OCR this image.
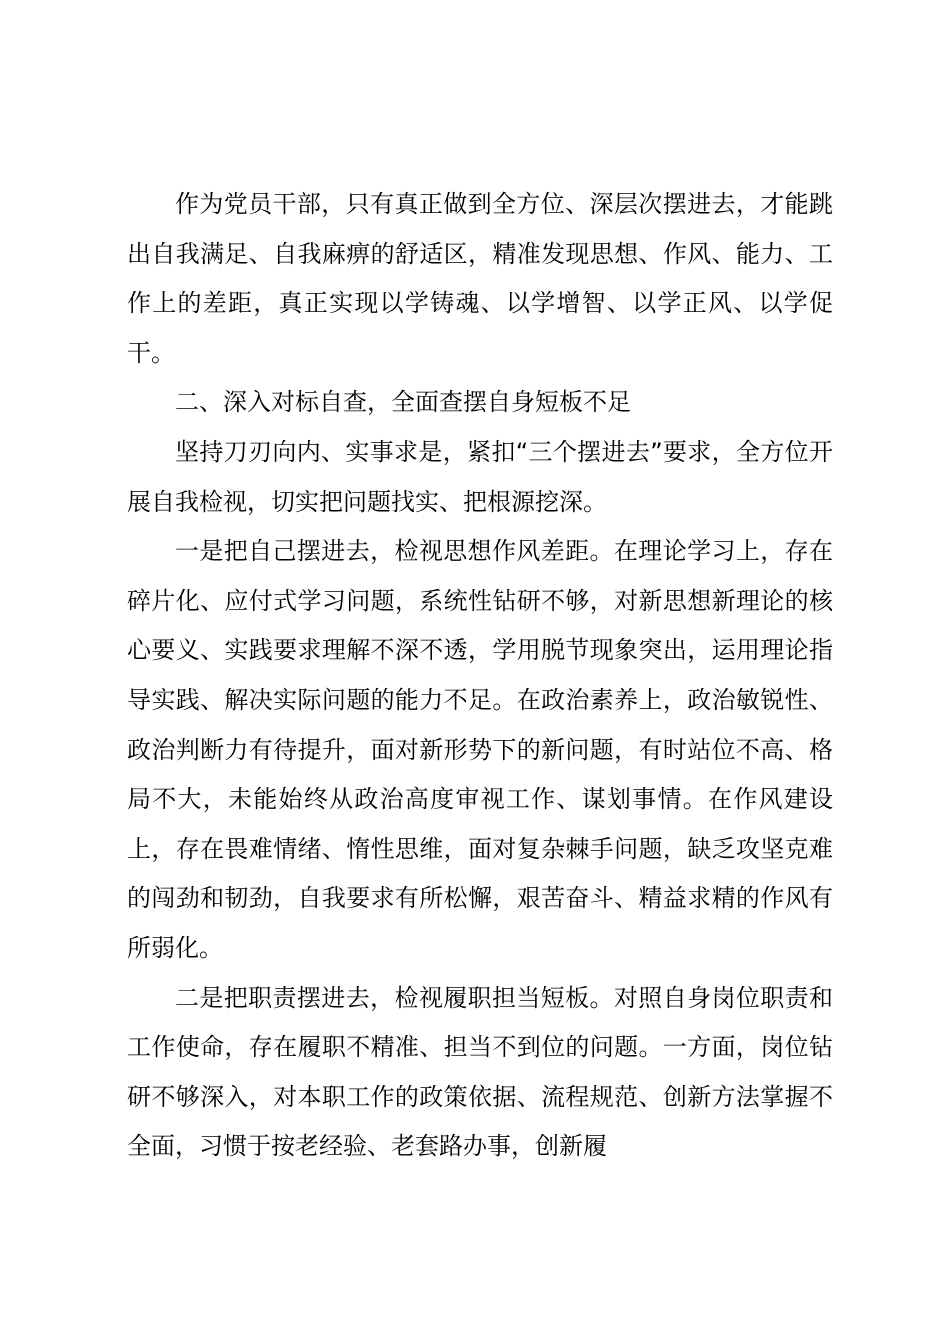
作为党员干部，只有真正做到全方位、深层次摆进去，才能跳出自我满足、自我麻痹的舒适区，精准发现思想、作风、能力、工作上的差距，真正实现以学铸魂、以学增智、以学正风、以学促干。

二、深入对标自查，全面查摆自身短板不足

坚持刀刃向内、实事求是，紧扣“三个摆进去”要求，全方位开展自我检视，切实把问题找实、把根源挖深。

一是把自己摆进去，检视思想作风差距。在理论学习上，存在碎片化、应付式学习问题，系统性钻研不够，对新思想新理论的核心要义、实践要求理解不深不透，学用脱节现象突出，运用理论指导实践、解决实际问题的能力不足。在政治素养上，政治敏锐性、政治判断力有待提升，面对新形势下的新问题，有时站位不高、格局不大，未能始终从政治高度审视工作、谋划事情。在作风建设上，存在畏难情绪、惰性思维，面对复杂棘手问题，缺乏攻坚克难的闯劲和韧劲，自我要求有所松懈，艰苦奋斗、精益求精的作风有所弱化。

二是把职责摆进去，检视履职担当短板。对照自身岗位职责和工作使命，存在履职不精准、担当不到位的问题。一方面，岗位钻研不够深入，对本职工作的政策依据、流程规范、创新方法掌握不全面，习惯于按老经验、老套路办事，创新履
